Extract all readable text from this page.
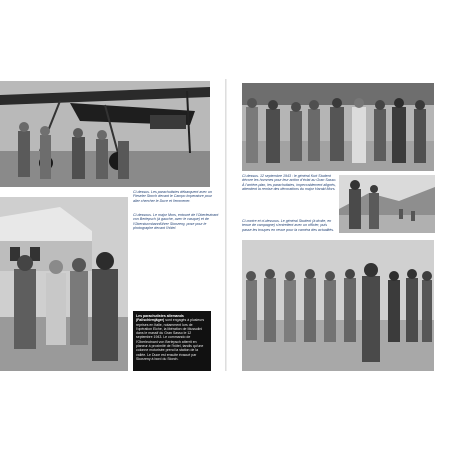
Ci-dessus. Les parachutistes débarquent avec un Fieseler Storch devant le Campo Imperatore pour aller chercher le Duce et l'emmener.
Ci-dessous. Le major Mors, entouré de l'Oberleutnant von Berlepsch (à gauche, avec le casque) et de l'Obersturmbannführer Skorzeny, pose pour le photographe devant l'hôtel.
Les parachutistes allemands (Fallschirmjäger) sont engagés à plusieurs reprises en Italie, notamment lors de l'opération Eiche, la libération de Mussolini dans le massif du Gran Sasso le 12 septembre 1943. Le commando de l'Oberleutnant von Berlepsch atterrit en planeur à proximité de l'hôtel, tandis qu'une colonne motorisée prend la station de la vallée. Le Duce est ensuite évacué par Skorzeny à bord du Storch.
Ci-dessus. 12 septembre 1943 : le général Kurt Student décore les hommes pour leur action d'éclat au Gran Sasso. À l'arrière-plan, les parachutistes, impeccablement alignés, attendent la remise des décorations du major Harald Mors.
Ci-contre et ci-dessous. Le général Student (à droite, en tenue de campagne) s'entretient avec un officier, puis passe les troupes en revue pour la caméra des actualités.
